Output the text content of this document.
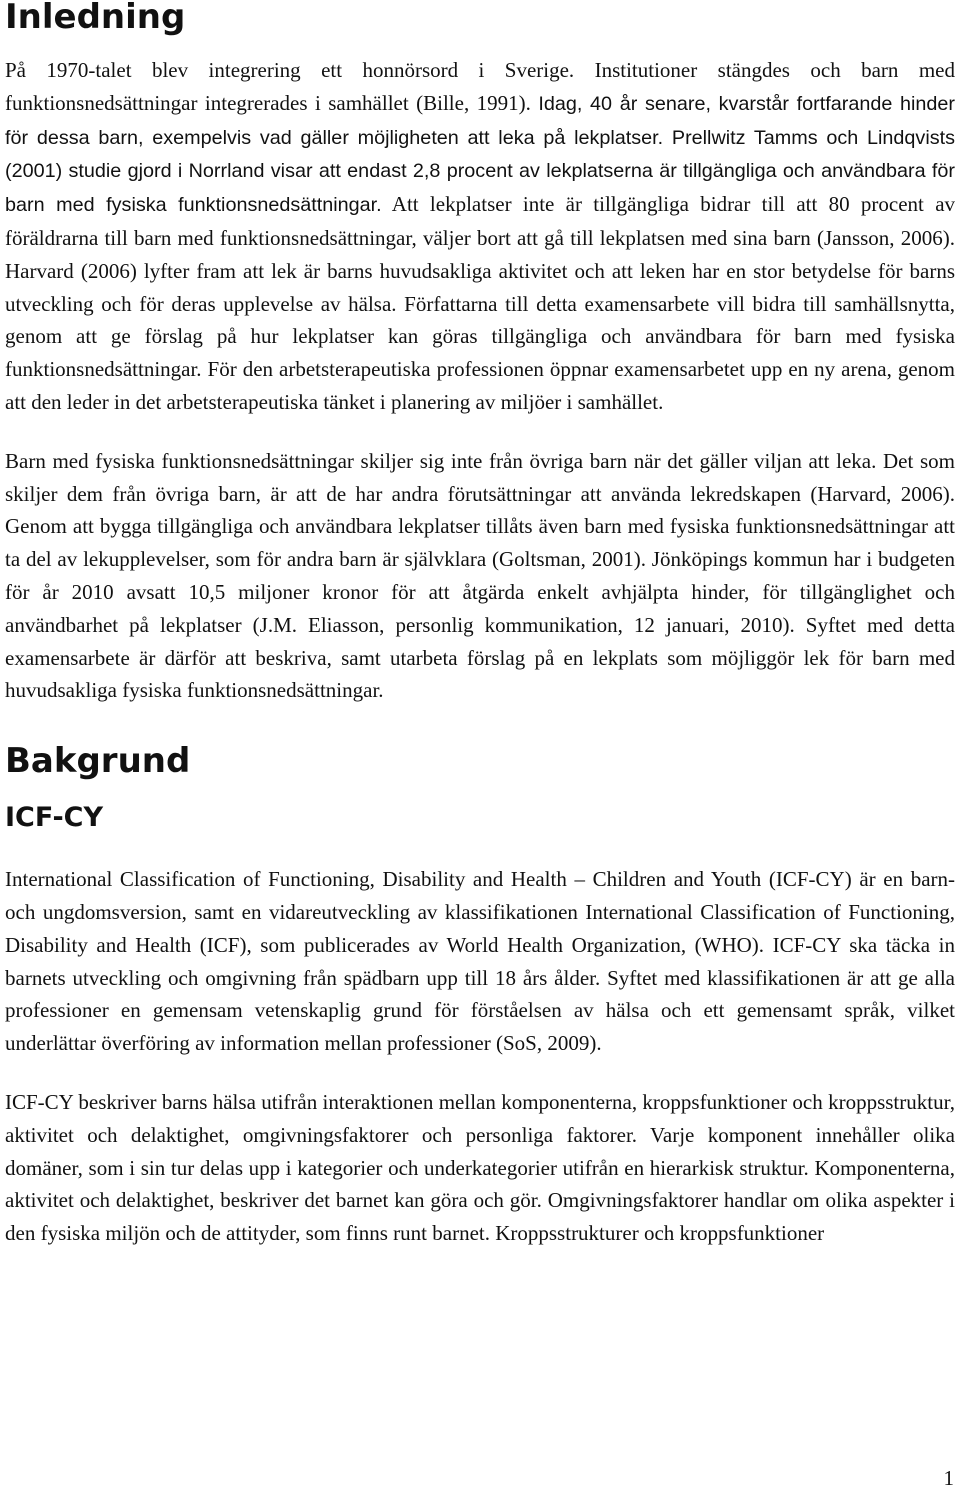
Inledning

På 1970-talet blev integrering ett honnörsord i Sverige. Institutioner stängdes och barn med funktionsnedsättningar integrerades i samhället (Bille, 1991). Idag, 40 år senare, kvarstår fortfarande hinder för dessa barn, exempelvis vad gäller möjligheten att leka på lekplatser. Prellwitz Tamms och Lindqvists (2001) studie gjord i Norrland visar att endast 2,8 procent av lekplatserna är tillgängliga och användbara för barn med fysiska funktionsnedsättningar. Att lekplatser inte är tillgängliga bidrar till att 80 procent av föräldrarna till barn med funktionsnedsättningar, väljer bort att gå till lekplatsen med sina barn (Jansson, 2006). Harvard (2006) lyfter fram att lek är barns huvudsakliga aktivitet och att leken har en stor betydelse för barns utveckling och för deras upplevelse av hälsa. Författarna till detta examensarbete vill bidra till samhällsnytta, genom att ge förslag på hur lekplatser kan göras tillgängliga och användbara för barn med fysiska funktionsnedsättningar. För den arbetsterapeutiska professionen öppnar examensarbetet upp en ny arena, genom att den leder in det arbetsterapeutiska tänket i planering av miljöer i samhället.

Barn med fysiska funktionsnedsättningar skiljer sig inte från övriga barn när det gäller viljan att leka. Det som skiljer dem från övriga barn, är att de har andra förutsättningar att använda lekredskapen (Harvard, 2006). Genom att bygga tillgängliga och användbara lekplatser tillåts även barn med fysiska funktionsnedsättningar att ta del av lekupplevelser, som för andra barn är självklara (Goltsman, 2001). Jönköpings kommun har i budgeten för år 2010 avsatt 10,5 miljoner kronor för att åtgärda enkelt avhjälpta hinder, för tillgänglighet och användbarhet på lekplatser (J.M. Eliasson, personlig kommunikation, 12 januari, 2010). Syftet med detta examensarbete är därför att beskriva, samt utarbeta förslag på en lekplats som möjliggör lek för barn med huvudsakliga fysiska funktionsnedsättningar.

Bakgrund
ICF-CY

International Classification of Functioning, Disability and Health – Children and Youth (ICF-CY) är en barn- och ungdomsversion, samt en vidareutveckling av klassifikationen International Classification of Functioning, Disability and Health (ICF), som publicerades av World Health Organization, (WHO). ICF-CY ska täcka in barnets utveckling och omgivning från spädbarn upp till 18 års ålder. Syftet med klassifikationen är att ge alla professioner en gemensam vetenskaplig grund för förståelsen av hälsa och ett gemensamt språk, vilket underlättar överföring av information mellan professioner (SoS, 2009).

ICF-CY beskriver barns hälsa utifrån interaktionen mellan komponenterna, kroppsfunktioner och kroppsstruktur, aktivitet och delaktighet, omgivningsfaktorer och personliga faktorer. Varje komponent innehåller olika domäner, som i sin tur delas upp i kategorier och underkategorier utifrån en hierarkisk struktur. Komponenterna, aktivitet och delaktighet, beskriver det barnet kan göra och gör. Omgivningsfaktorer handlar om olika aspekter i den fysiska miljön och de attityder, som finns runt barnet. Kroppsstrukturer och kroppsfunktioner

1
